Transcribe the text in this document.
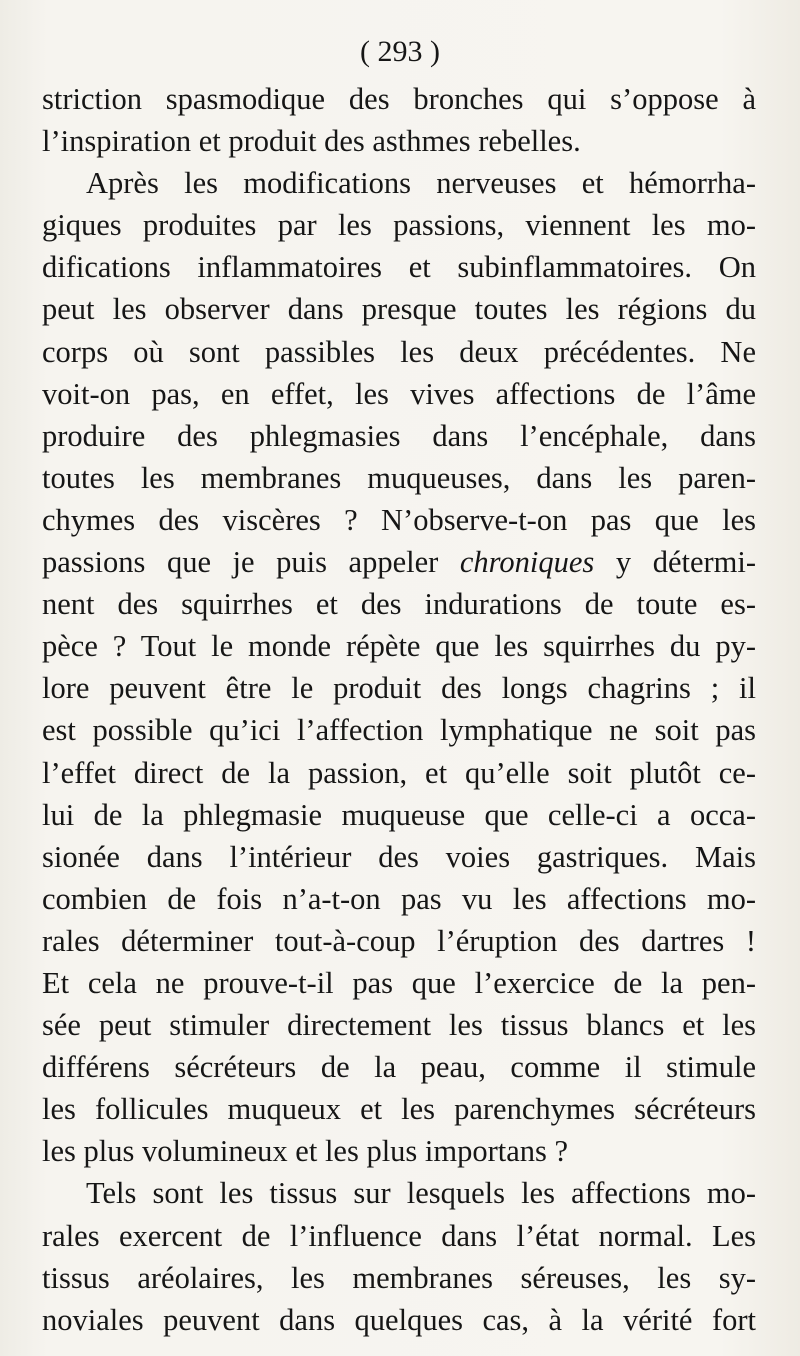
( 293 )
striction spasmodique des bronches qui s’oppose à
l’inspiration et produit des asthmes rebelles.
Après les modifications nerveuses et hémorrha-
giques produites par les passions, viennent les mo-
difications inflammatoires et subinflammatoires. On
peut les observer dans presque toutes les régions du
corps où sont passibles les deux précédentes. Ne
voit-on pas, en effet, les vives affections de l’âme
produire des phlegmasies dans l’encéphale, dans
toutes les membranes muqueuses, dans les paren-
chymes des viscères ? N’observe-t-on pas que les
passions que je puis appeler chroniques y détermi-
nent des squirrhes et des indurations de toute es-
pèce ? Tout le monde répète que les squirrhes du py-
lore peuvent être le produit des longs chagrins ; il
est possible qu’ici l’affection lymphatique ne soit pas
l’effet direct de la passion, et qu’elle soit plutôt ce-
lui de la phlegmasie muqueuse que celle-ci a occa-
sionée dans l’intérieur des voies gastriques. Mais
combien de fois n’a-t-on pas vu les affections mo-
rales déterminer tout-à-coup l’éruption des dartres !
Et cela ne prouve-t-il pas que l’exercice de la pen-
sée peut stimuler directement les tissus blancs et les
différens sécréteurs de la peau, comme il stimule
les follicules muqueux et les parenchymes sécréteurs
les plus volumineux et les plus importans ?
Tels sont les tissus sur lesquels les affections mo-
rales exercent de l’influence dans l’état normal. Les
tissus aréolaires, les membranes séreuses, les sy-
noviales peuvent dans quelques cas, à la vérité fort
